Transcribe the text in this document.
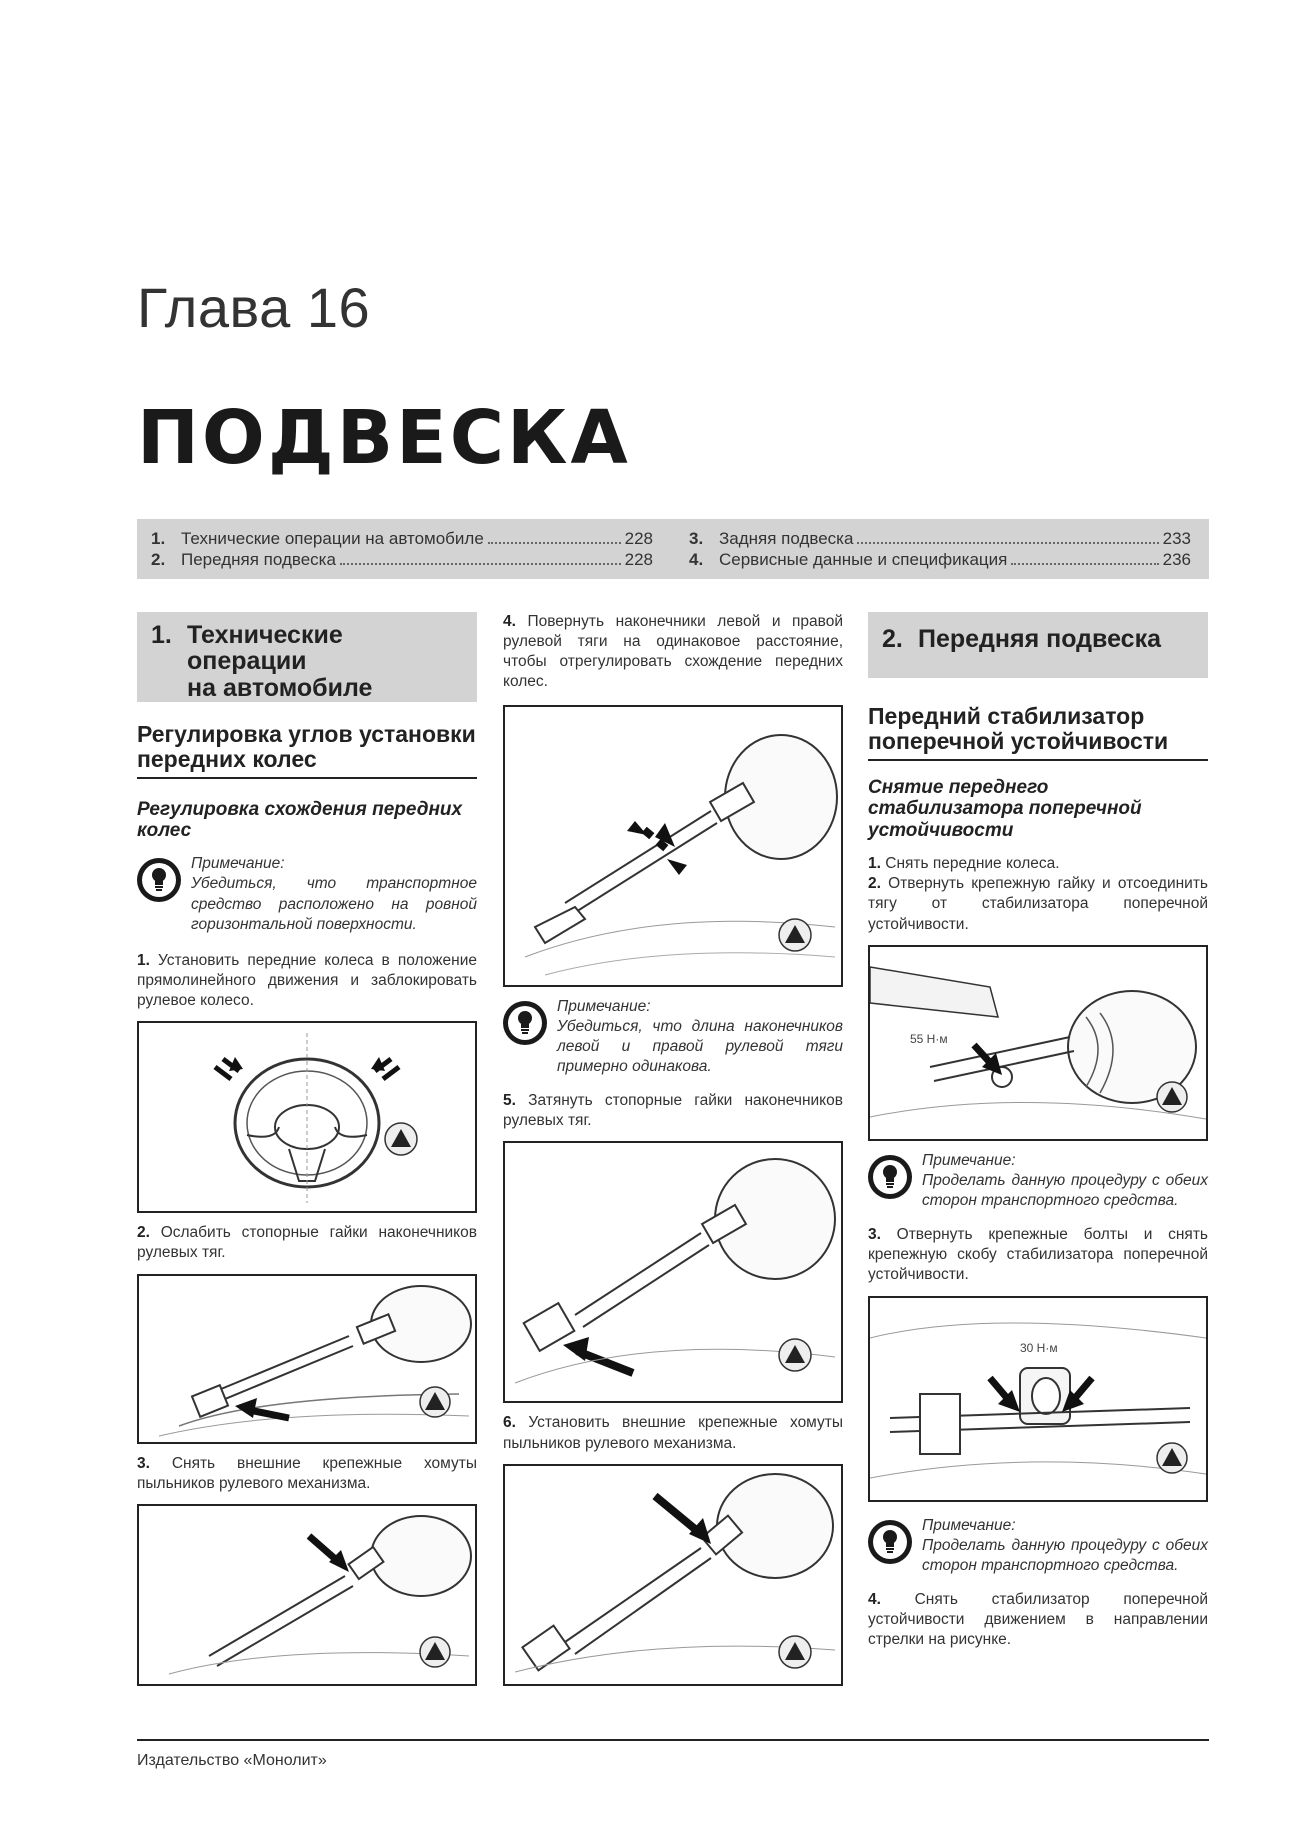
Глава 16
ПОДВЕСКА
1. Технические операции на автомобиле	228
2. Передняя подвеска	228
3. Задняя подвеска	233
4. Сервисные данные и спецификация	236
1. Технические
операции
на автомобиле
Регулировка углов установки передних колес
Регулировка схождения передних колес
Примечание:
Убедиться, что транспортное средство расположено на ровной горизонтальной поверхности.
1. Установить передние колеса в положение прямолинейного движения и заблокировать рулевое колесо.
2. Ослабить стопорные гайки наконечников рулевых тяг.
3. Снять внешние крепежные хомуты пыльников рулевого механизма.
4. Повернуть наконечники левой и правой рулевой тяги на одинаковое расстояние, чтобы отрегулировать схождение передних колес.
Примечание:
Убедиться, что длина наконечников левой и правой рулевой тяги примерно одинакова.
5. Затянуть стопорные гайки наконечников рулевых тяг.
6. Установить внешние крепежные хомуты пыльников рулевого механизма.
2. Передняя подвеска
Передний стабилизатор поперечной устойчивости
Снятие переднего стабилизатора поперечной устойчивости
1. Снять передние колеса.
2. Отвернуть крепежную гайку и отсоединить тягу от стабилизатора поперечной устойчивости.
55 Н·м
Примечание:
Проделать данную процедуру с обеих сторон транспортного средства.
3. Отвернуть крепежные болты и снять крепежную скобу стабилизатора поперечной устойчивости.
30 Н·м
Примечание:
Проделать данную процедуру с обеих сторон транспортного средства.
4. Снять стабилизатор поперечной устойчивости движением в направлении стрелки на рисунке.
Издательство «Монолит»
